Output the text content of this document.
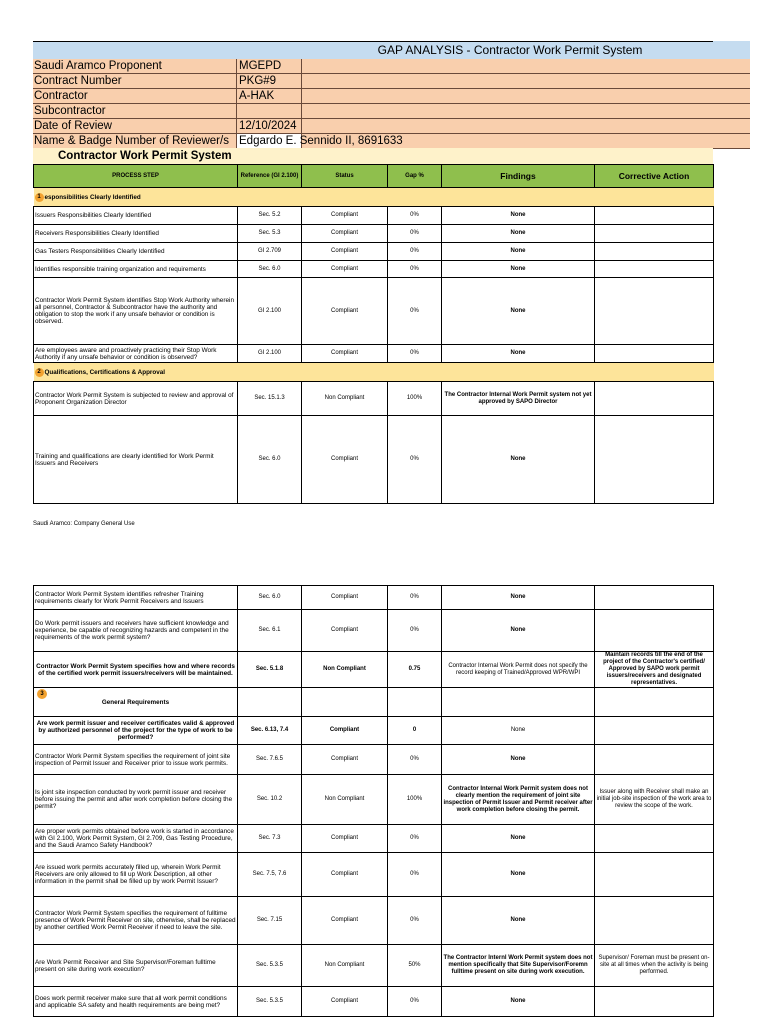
GAP ANALYSIS - Contractor Work Permit System
Saudi Aramco Proponent	MGEPD
Contract Number	PKG#9
Contractor	A-HAK
Subcontractor
Date of Review	12/10/2024
Name & Badge Number of Reviewer/s Edgardo E. Sennido II, 8691633
Contractor Work Permit System
PROCESS STEP	Reference (GI 2.100)	Status	Gap %	Findings	Corrective Action
1 esponsibilities Clearly Identified					
Issuers Responsibilities Clearly Identified	Sec. 5.2	Compliant	0%	None	
Receivers Responsibilities Clearly Identified	Sec. 5.3	Compliant	0%	None	
Gas Testers Responsibilities Clearly Identified	GI 2.709	Compliant	0%	None	
Identifies responsible training organization and requirements	Sec. 6.0	Compliant	0%	None	
Contractor Work Permit System identifies Stop Work Authority wherein all personnel, Contractor & Subcontractor have the authority and obligation to stop the work if any unsafe behavior or condition is observed.	GI 2.100	Compliant	0%	None	
Are employees aware and proactively practicing their Stop Work Authority if any unsafe behavior or condition is observed?	GI 2.100	Compliant	0%	None	
2 Qualifications, Certifications & Approval					
Contractor Work Permit System is subjected to review and approval of Proponent Organization Director	Sec. 15.1.3	Non Compliant	100%	The Contractor Internal Work Permit system not yet approved by SAPO Director	
Training and qualifications are clearly identified for Work Permit Issuers and Receivers	Sec. 6.0	Compliant	0%	None	
Saudi Aramco: Company General Use
Contractor Work Permit System identifies refresher Training requirements clearly for Work Permit Receivers and Issuers	Sec. 6.0	Compliant	0%	None	
Do Work permit issuers and receivers have sufficient knowledge and experience, be capable of recognizing hazards and competent in the requirements of the work permit system?	Sec. 6.1	Compliant	0%	None	
Contractor Work Permit System specifies how and where records of the certified work permit issuers/receivers will be maintained.	Sec. 5.1.8	Non Compliant	0.75	Contractor Internal Work Permit does not specify the record keeping of Trained/Approved WPR/WPI	Maintain records till the end of the project of the Contractor's certified/ Approved by SAPO work permit issuers/receivers and designated representatives.

3
General Requirements					
Are work permit issuer and receiver certificates valid & approved by authorized personnel of the project for the type of work to be performed?	Sec. 6.13, 7.4	Compliant	0	None	
Contractor Work Permit System specifies the requirement of joint site inspection of Permit Issuer and Receiver prior to issue work permits.	Sec. 7.6.5	Compliant	0%	None	
Is joint site inspection conducted by work permit issuer and receiver before issuing the permit and after work completion before closing the permit?	Sec. 10.2	Non Compliant	100%	Contractor Internal Work Permit system does not clearly mention the requirement of joint site inspection of Permit Issuer and Permit receiver after work completion before closing the permit.	Issuer along with Receiver shall make an initial job-site inspection of the work area to review the scope of the work.
Are proper work permits obtained before work is started in accordance with GI 2.100, Work Permit System, GI 2.709, Gas Testing Procedure, and the Saudi Aramco Safety Handbook?	Sec. 7.3	Compliant	0%	None	
Are issued work permits accurately filled up, wherein Work Permit Receivers are only allowed to fill up Work Description, all other information in the permit shall be filled up by work Permit Issuer?	Sec. 7.5, 7.6	Compliant	0%	None	
Contractor Work Permit System specifies the requirement of fulltime presence of Work Permit Receiver on site, otherwise, shall be replaced by another certified Work Permit Receiver if need to leave the site.	Sec. 7.15	Compliant	0%	None	
Are Work Permit Receiver and Site Supervisor/Foreman fulltime present on site during work execution?	Sec. 5.3.5	Non Compliant	50%	The Contractor Internl Work Permit system does not mention specifically that Site Supervisor/Foremn fulltime present on site during work execution.	Supervisor/ Foreman must be present on-site at all times when the activity is being performed.
Does work permit receiver make sure that all work permit conditions and applicable SA safety and health requirements are being met?	Sec. 5.3.5	Compliant	0%	None	
